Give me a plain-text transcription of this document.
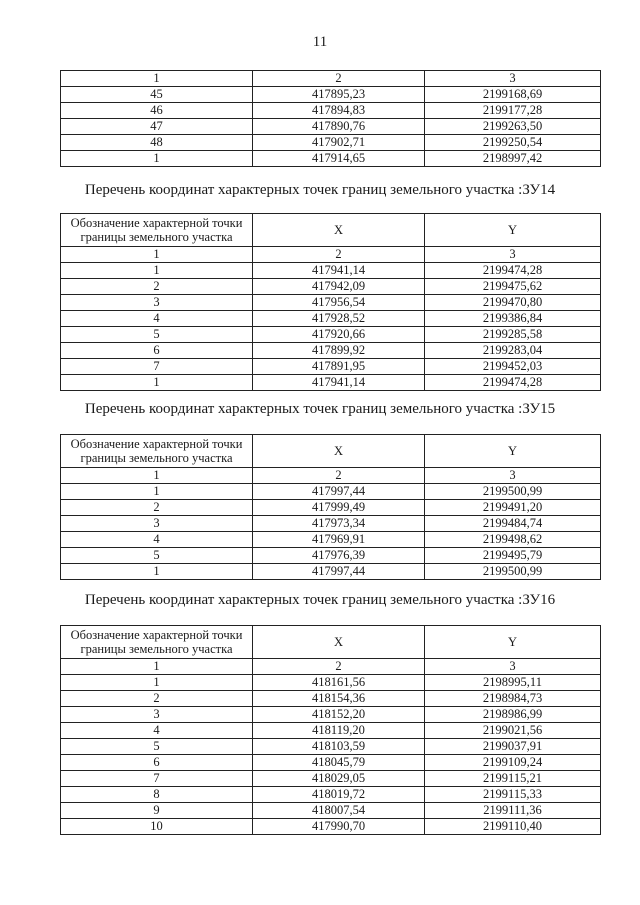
11
1	2	3
45	417895,23	2199168,69
46	417894,83	2199177,28
47	417890,76	2199263,50
48	417902,71	2199250,54
1	417914,65	2198997,42
Перечень координат характерных точек границ земельного участка :ЗУ14
Обозначение характерной точки границы земельного участка	X	Y
1	2	3
1	417941,14	2199474,28
2	417942,09	2199475,62
3	417956,54	2199470,80
4	417928,52	2199386,84
5	417920,66	2199285,58
6	417899,92	2199283,04
7	417891,95	2199452,03
1	417941,14	2199474,28
Перечень координат характерных точек границ земельного участка :ЗУ15
Обозначение характерной точки границы земельного участка	X	Y
1	2	3
1	417997,44	2199500,99
2	417999,49	2199491,20
3	417973,34	2199484,74
4	417969,91	2199498,62
5	417976,39	2199495,79
1	417997,44	2199500,99
Перечень координат характерных точек границ земельного участка :ЗУ16
Обозначение характерной точки границы земельного участка	X	Y
1	2	3
1	418161,56	2198995,11
2	418154,36	2198984,73
3	418152,20	2198986,99
4	418119,20	2199021,56
5	418103,59	2199037,91
6	418045,79	2199109,24
7	418029,05	2199115,21
8	418019,72	2199115,33
9	418007,54	2199111,36
10	417990,70	2199110,40
